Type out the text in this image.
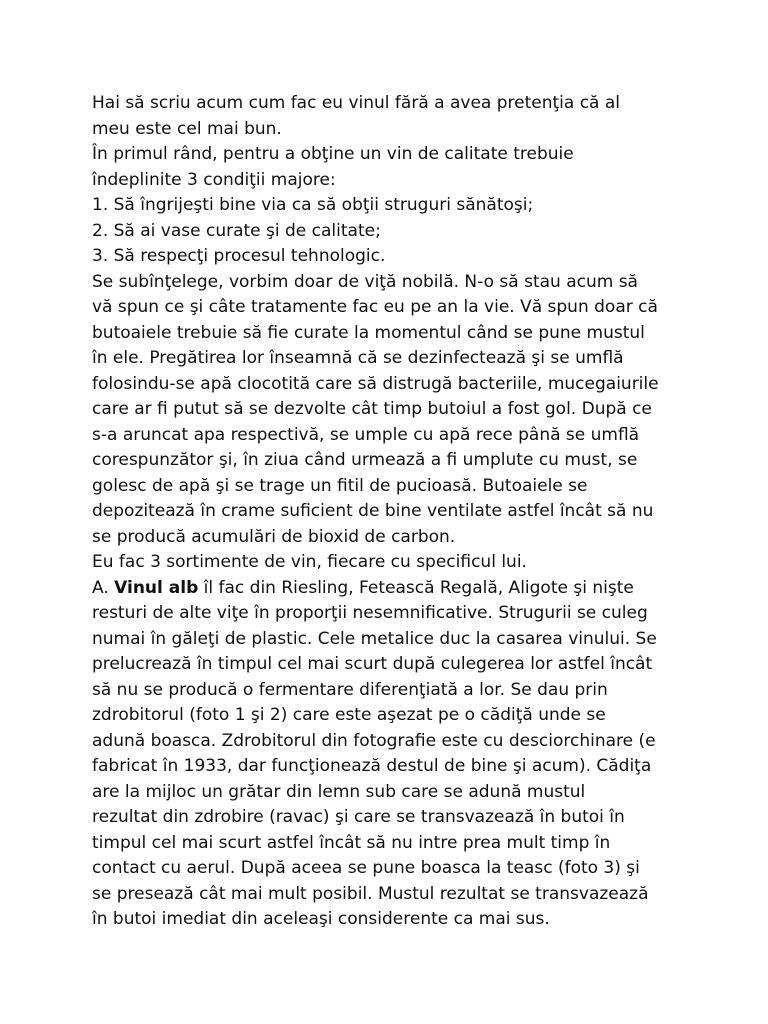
Hai să scriu acum cum fac eu vinul fără a avea pretenţia că al
meu este cel mai bun.
În primul rând, pentru a obţine un vin de calitate trebuie
îndeplinite 3 condiţii majore:
1. Să îngrijeşti bine via ca să obţii struguri sănătoşi;
2. Să ai vase curate şi de calitate;
3. Să respecţi procesul tehnologic.
Se subînţelege, vorbim doar de viţă nobilă. N-o să stau acum să
vă spun ce şi câte tratamente fac eu pe an la vie. Vă spun doar că
butoaiele trebuie să fie curate la momentul când se pune mustul
în ele. Pregătirea lor înseamnă că se dezinfectează şi se umflă
folosindu-se apă clocotită care să distrugă bacteriile, mucegaiurile
care ar fi putut să se dezvolte cât timp butoiul a fost gol. După ce
s-a aruncat apa respectivă, se umple cu apă rece până se umflă
corespunzător şi, în ziua când urmează a fi umplute cu must, se
golesc de apă şi se trage un fitil de pucioasă. Butoaiele se
depozitează în crame suficient de bine ventilate astfel încât să nu
se producă acumulări de bioxid de carbon.
Eu fac 3 sortimente de vin, fiecare cu specificul lui.
A. Vinul alb îl fac din Riesling, Fetească Regală, Aligote şi nişte
resturi de alte viţe în proporţii nesemnificative. Strugurii se culeg
numai în găleţi de plastic. Cele metalice duc la casarea vinului. Se
prelucrează în timpul cel mai scurt după culegerea lor astfel încât
să nu se producă o fermentare diferenţiată a lor. Se dau prin
zdrobitorul (foto 1 şi 2) care este aşezat pe o cădiţă unde se
adună boasca. Zdrobitorul din fotografie este cu desciorchinare (e
fabricat în 1933, dar funcţionează destul de bine şi acum). Cădiţa
are la mijloc un grătar din lemn sub care se adună mustul
rezultat din zdrobire (ravac) şi care se transvazează în butoi în
timpul cel mai scurt astfel încât să nu intre prea mult timp în
contact cu aerul. După aceea se pune boasca la teasc (foto 3) şi
se presează cât mai mult posibil. Mustul rezultat se transvazează
în butoi imediat din aceleaşi considerente ca mai sus.
